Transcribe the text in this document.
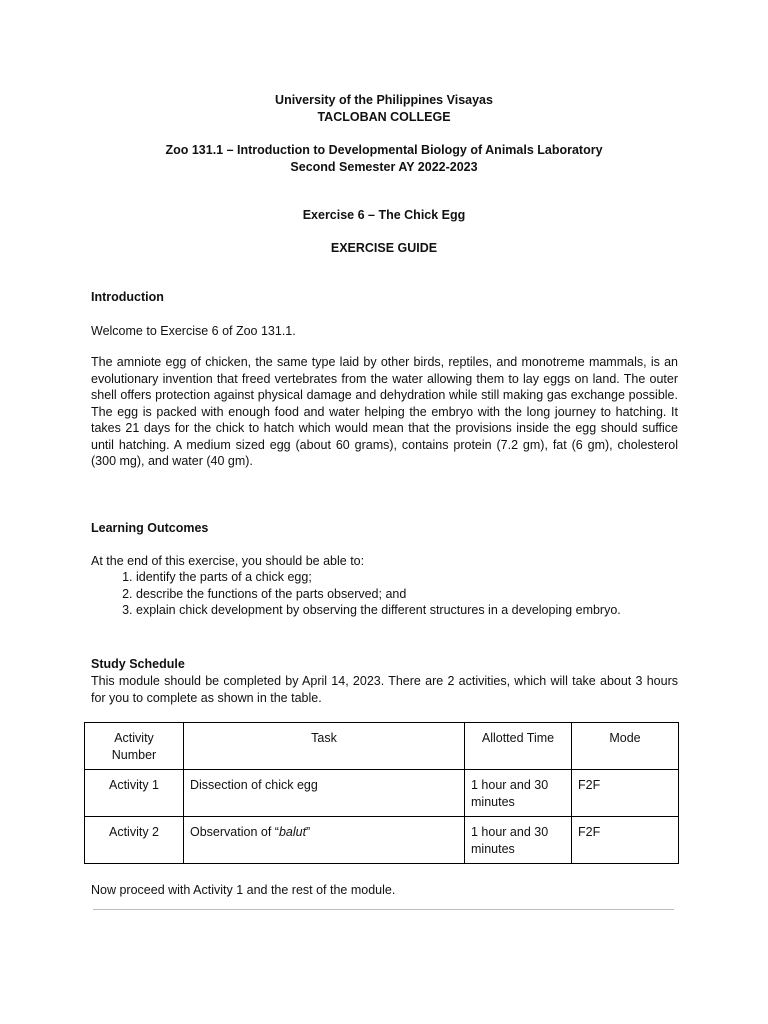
University of the Philippines Visayas
TACLOBAN COLLEGE
Zoo 131.1 – Introduction to Developmental Biology of Animals Laboratory
Second Semester AY 2022-2023
Exercise 6 – The Chick Egg
EXERCISE GUIDE
Introduction

Welcome to Exercise 6 of Zoo 131.1.

The amniote egg of chicken, the same type laid by other birds, reptiles, and monotreme mammals, is an evolutionary invention that freed vertebrates from the water allowing them to lay eggs on land. The outer shell offers protection against physical damage and dehydration while still making gas exchange possible. The egg is packed with enough food and water helping the embryo with the long journey to hatching. It takes 21 days for the chick to hatch which would mean that the provisions inside the egg should suffice until hatching. A medium sized egg (about 60 grams), contains protein (7.2 gm), fat (6 gm), cholesterol (300 mg), and water (40 gm).

Learning Outcomes

At the end of this exercise, you should be able to:

1. identify the parts of a chick egg;
2. describe the functions of the parts observed; and
3. explain chick development by observing the different structures in a developing embryo.
Study Schedule

This module should be completed by April 14, 2023. There are 2 activities, which will take about 3 hours for you to complete as shown in the table.

Activity Number	Task	Allotted Time	Mode
Activity 1	Dissection of chick egg	1 hour and 30 minutes	F2F
Activity 2	Observation of “balut”	1 hour and 30 minutes	F2F

Now proceed with Activity 1 and the rest of the module.
